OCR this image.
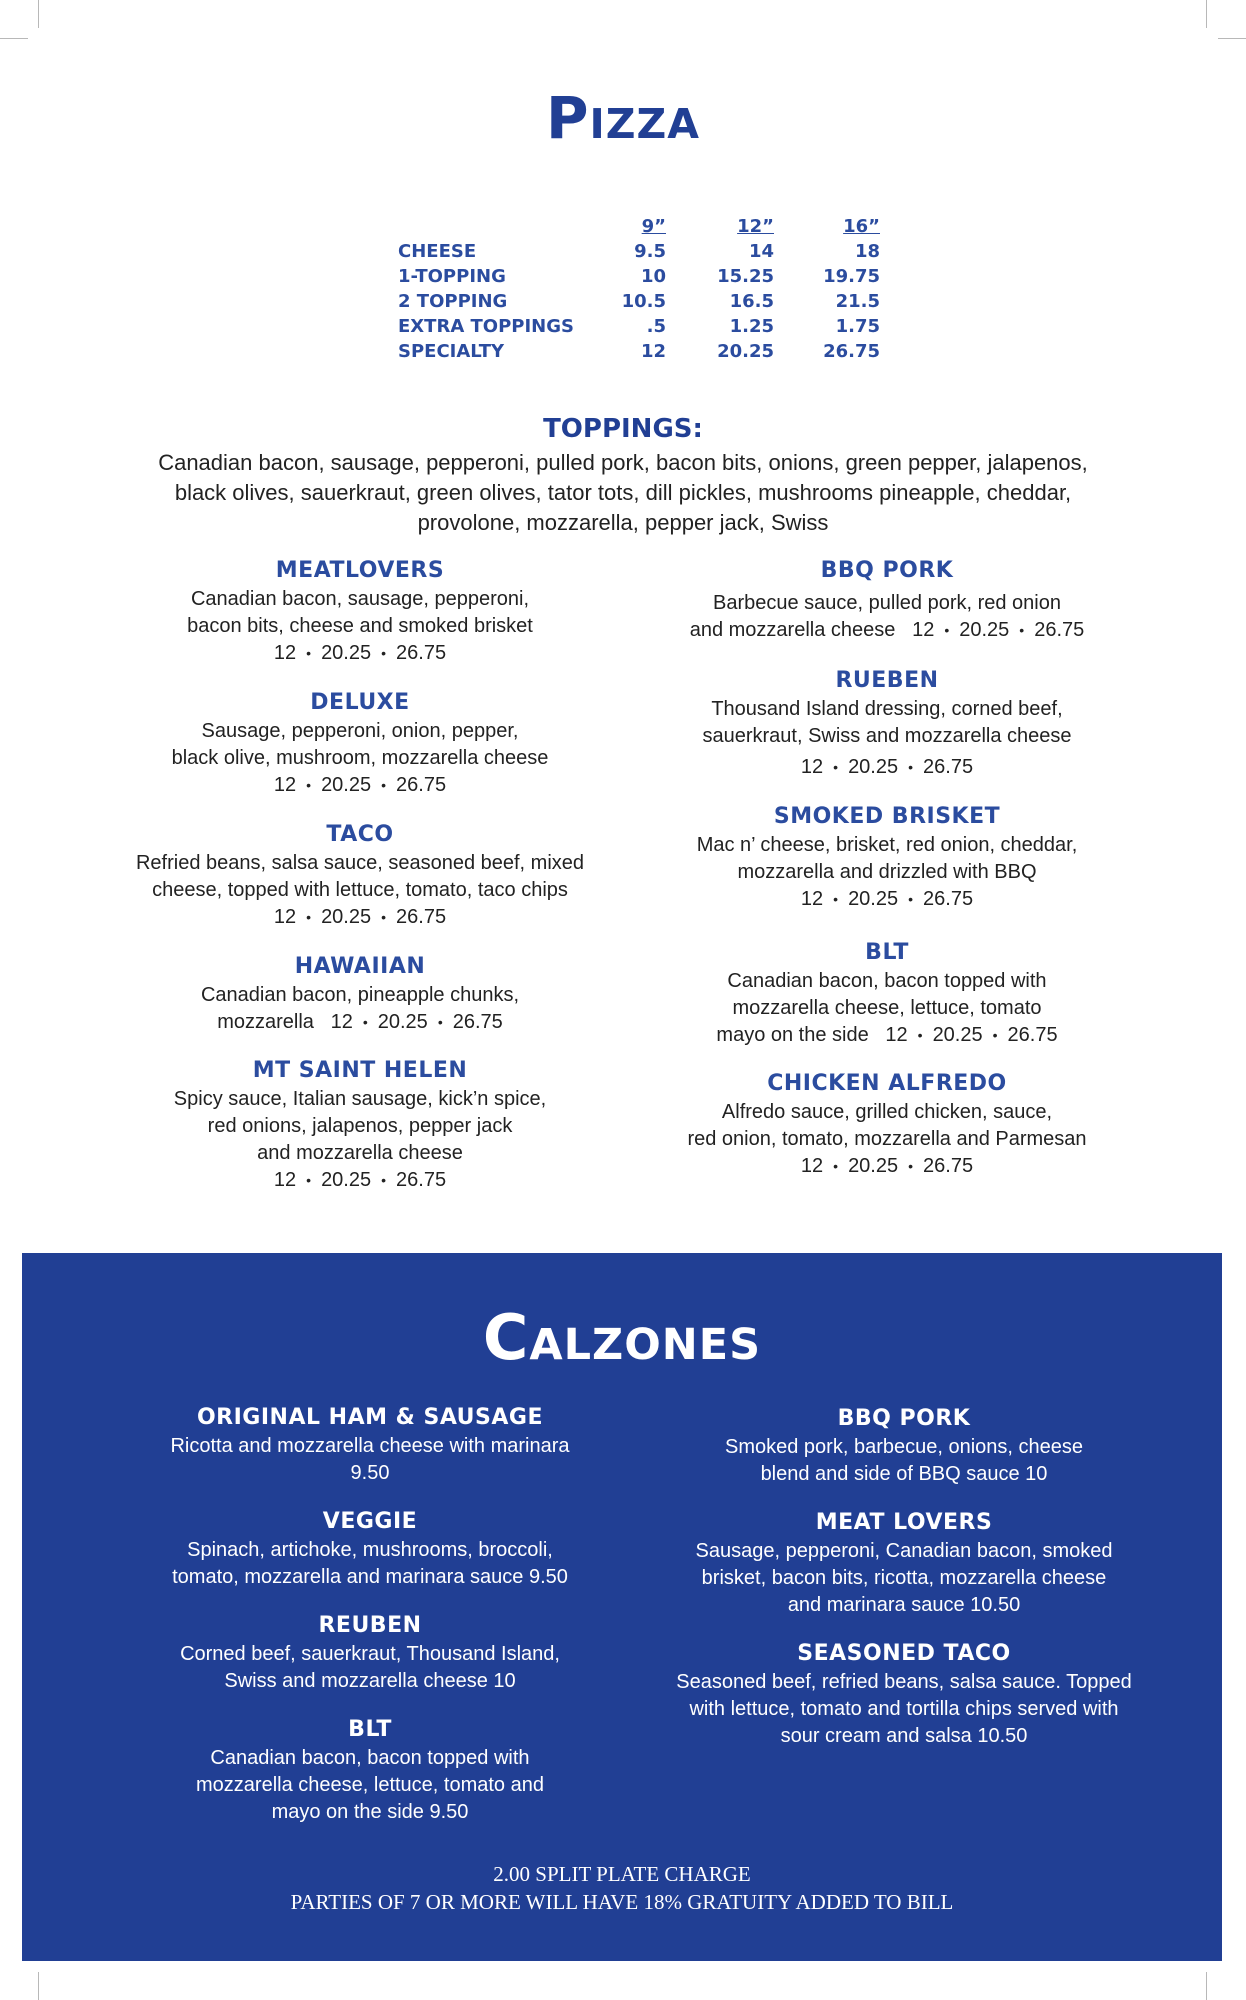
Pizza
	9”	12”	16”
CHEESE	9.5	14	18
1-TOPPING	10	15.25	19.75
2 TOPPING	10.5	16.5	21.5
EXTRA TOPPINGS	.5	1.25	1.75
SPECIALTY	12	20.25	26.75
TOPPINGS:
Canadian bacon, sausage, pepperoni, pulled pork, bacon bits, onions, green pepper, jalapenos, black olives, sauerkraut, green olives, tator tots, dill pickles, mushrooms pineapple, cheddar, provolone, mozzarella, pepper jack, Swiss
MEATLOVERS
Canadian bacon, sausage, pepperoni,
bacon bits, cheese and smoked brisket
12 • 20.25 • 26.75
DELUXE
Sausage, pepperoni, onion, pepper,
black olive, mushroom, mozzarella cheese
12 • 20.25 • 26.75
TACO
Refried beans, salsa sauce, seasoned beef, mixed
cheese, topped with lettuce, tomato, taco chips
12 • 20.25 • 26.75
HAWAIIAN
Canadian bacon, pineapple chunks,
mozzarella 12 • 20.25 • 26.75
MT SAINT HELEN
Spicy sauce, Italian sausage, kick’n spice,
red onions, jalapenos, pepper jack
and mozzarella cheese
12 • 20.25 • 26.75
BBQ PORK
Barbecue sauce, pulled pork, red onion
and mozzarella cheese 12 • 20.25 • 26.75
RUEBEN
Thousand Island dressing, corned beef,
sauerkraut, Swiss and mozzarella cheese
12 • 20.25 • 26.75
SMOKED BRISKET
Mac n’ cheese, brisket, red onion, cheddar,
mozzarella and drizzled with BBQ
12 • 20.25 • 26.75
BLT
Canadian bacon, bacon topped with
mozzarella cheese, lettuce, tomato
mayo on the side 12 • 20.25 • 26.75
CHICKEN ALFREDO
Alfredo sauce, grilled chicken, sauce,
red onion, tomato, mozzarella and Parmesan
12 • 20.25 • 26.75
Calzones
ORIGINAL HAM & SAUSAGE
Ricotta and mozzarella cheese with marinara
9.50
VEGGIE
Spinach, artichoke, mushrooms, broccoli,
tomato, mozzarella and marinara sauce 9.50
REUBEN
Corned beef, sauerkraut, Thousand Island,
Swiss and mozzarella cheese 10
BLT
Canadian bacon, bacon topped with
mozzarella cheese, lettuce, tomato and
mayo on the side 9.50
BBQ PORK
Smoked pork, barbecue, onions, cheese
blend and side of BBQ sauce 10
MEAT LOVERS
Sausage, pepperoni, Canadian bacon, smoked
brisket, bacon bits, ricotta, mozzarella cheese
and marinara sauce 10.50
SEASONED TACO
Seasoned beef, refried beans, salsa sauce. Topped
with lettuce, tomato and tortilla chips served with
sour cream and salsa 10.50
2.00 SPLIT PLATE CHARGE
PARTIES OF 7 OR MORE WILL HAVE 18% GRATUITY ADDED TO BILL
